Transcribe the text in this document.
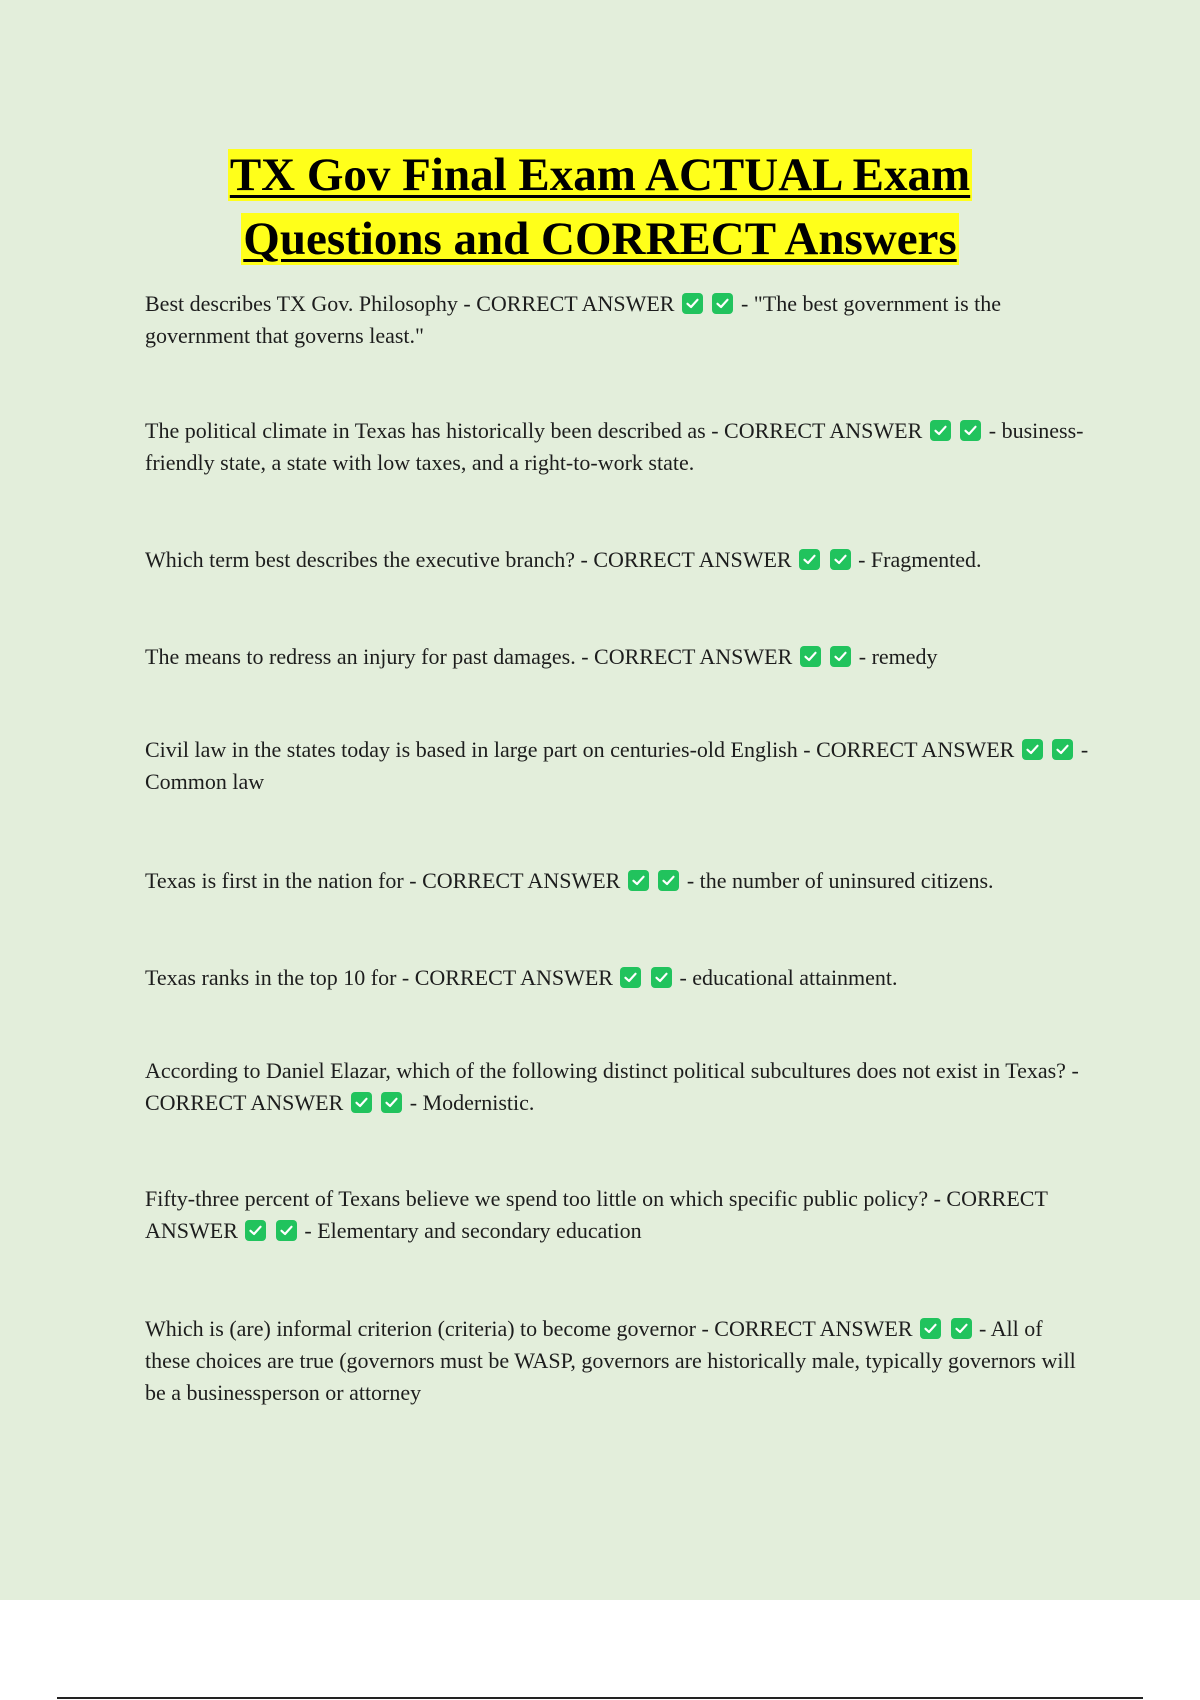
TX Gov Final Exam ACTUAL Exam
Questions and CORRECT Answers
Best describes TX Gov. Philosophy - CORRECT ANSWER
	- "The best government is the government that governs least."
The political climate in Texas has historically been described as - CORRECT ANSWER
	- business-friendly state, a state with low taxes, and a right-to-work state.
Which term best describes the executive branch? - CORRECT ANSWER
	- Fragmented.
The means to redress an injury for past damages. - CORRECT ANSWER
	- remedy
Civil law in the states today is based in large part on centuries-old English - CORRECT ANSWER
	- Common law
Texas is first in the nation for - CORRECT ANSWER
	- the number of uninsured citizens.
Texas ranks in the top 10 for - CORRECT ANSWER
	- educational attainment.
According to Daniel Elazar, which of the following distinct political subcultures does not exist in Texas? - CORRECT ANSWER
	- Modernistic.
Fifty-three percent of Texans believe we spend too little on which specific public policy? - CORRECT ANSWER
	- Elementary and secondary education
Which is (are) informal criterion (criteria) to become governor - CORRECT ANSWER
	- All of these choices are true (governors must be WASP, governors are historically male, typically governors will be a businessperson or attorney
